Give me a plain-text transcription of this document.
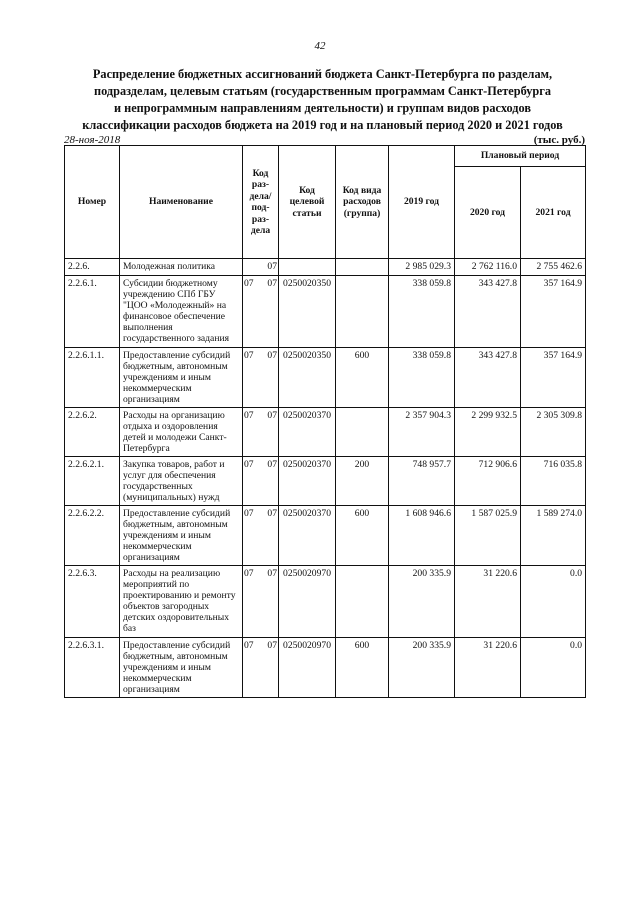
42
Распределение бюджетных ассигнований бюджета Санкт-Петербурга по разделам,
подразделам, целевым статьям (государственным программам Санкт-Петербурга
и непрограммным направлениям деятельности) и группам видов расходов
классификации расходов бюджета на 2019 год и на плановый период 2020 и 2021 годов
28-ноя-2018	(тыс. руб.)
Номер	Наименование	Код раз- дела/ под- раз- дела	Код целевой статьи	Код вида расходов (группа)	2019 год	Плановый период	
						2020 год	2021 год
2.2.6.	Молодежная политика	07			2 985 029.3	2 762 116.0	2 755 462.6
2.2.6.1.	Субсидии бюджетному учреждению СПб ГБУ "ЦОО «Молодежный» на финансовое обеспечение выполнения государственного задания	07 07	0250020350		338 059.8	343 427.8	357 164.9
2.2.6.1.1.	Предоставление субсидий бюджетным, автономным учреждениям и иным некоммерческим организациям	07 07	0250020350	600	338 059.8	343 427.8	357 164.9
2.2.6.2.	Расходы на организацию отдыха и оздоровления детей и молодежи Санкт-Петербурга	07 07	0250020370		2 357 904.3	2 299 932.5	2 305 309.8
2.2.6.2.1.	Закупка товаров, работ и услуг для обеспечения государственных (муниципальных) нужд	07 07	0250020370	200	748 957.7	712 906.6	716 035.8
2.2.6.2.2.	Предоставление субсидий бюджетным, автономным учреждениям и иным некоммерческим организациям	07 07	0250020370	600	1 608 946.6	1 587 025.9	1 589 274.0
2.2.6.3.	Расходы на реализацию мероприятий по проектированию и ремонту объектов загородных детских оздоровительных баз	07 07	0250020970		200 335.9	31 220.6	0.0
2.2.6.3.1.	Предоставление субсидий бюджетным, автономным учреждениям и иным некоммерческим организациям	07 07	0250020970	600	200 335.9	31 220.6	0.0
